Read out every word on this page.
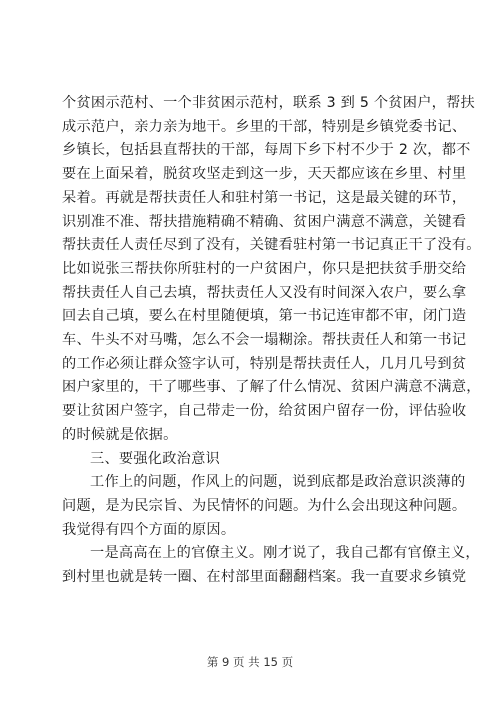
个贫困示范村、一个非贫困示范村，联系 3 到 5 个贫困户，帮扶
成示范户，亲力亲为地干。乡里的干部，特别是乡镇党委书记、
乡镇长，包括县直帮扶的干部，每周下乡下村不少于 2 次，都不
要在上面呆着，脱贫攻坚走到这一步，天天都应该在乡里、村里
呆着。再就是帮扶责任人和驻村第一书记，这是最关键的环节，
识别准不准、帮扶措施精确不精确、贫困户满意不满意，关键看
帮扶责任人责任尽到了没有，关键看驻村第一书记真正干了没有。
比如说张三帮扶你所驻村的一户贫困户，你只是把扶贫手册交给
帮扶责任人自己去填，帮扶责任人又没有时间深入农户，要么拿
回去自己填，要么在村里随便填，第一书记连审都不审，闭门造
车、牛头不对马嘴，怎么不会一塌糊涂。帮扶责任人和第一书记
的工作必须让群众签字认可，特别是帮扶责任人，几月几号到贫
困户家里的，干了哪些事、了解了什么情况、贫困户满意不满意，
要让贫困户签字，自己带走一份，给贫困户留存一份，评估验收
的时候就是依据。
三、要强化政治意识
工作上的问题，作风上的问题，说到底都是政治意识淡薄的
问题，是为民宗旨、为民情怀的问题。为什么会出现这种问题。
我觉得有四个方面的原因。
一是高高在上的官僚主义。刚才说了，我自己都有官僚主义，
到村里也就是转一圈、在村部里面翻翻档案。我一直要求乡镇党
第 9 页 共 15 页
